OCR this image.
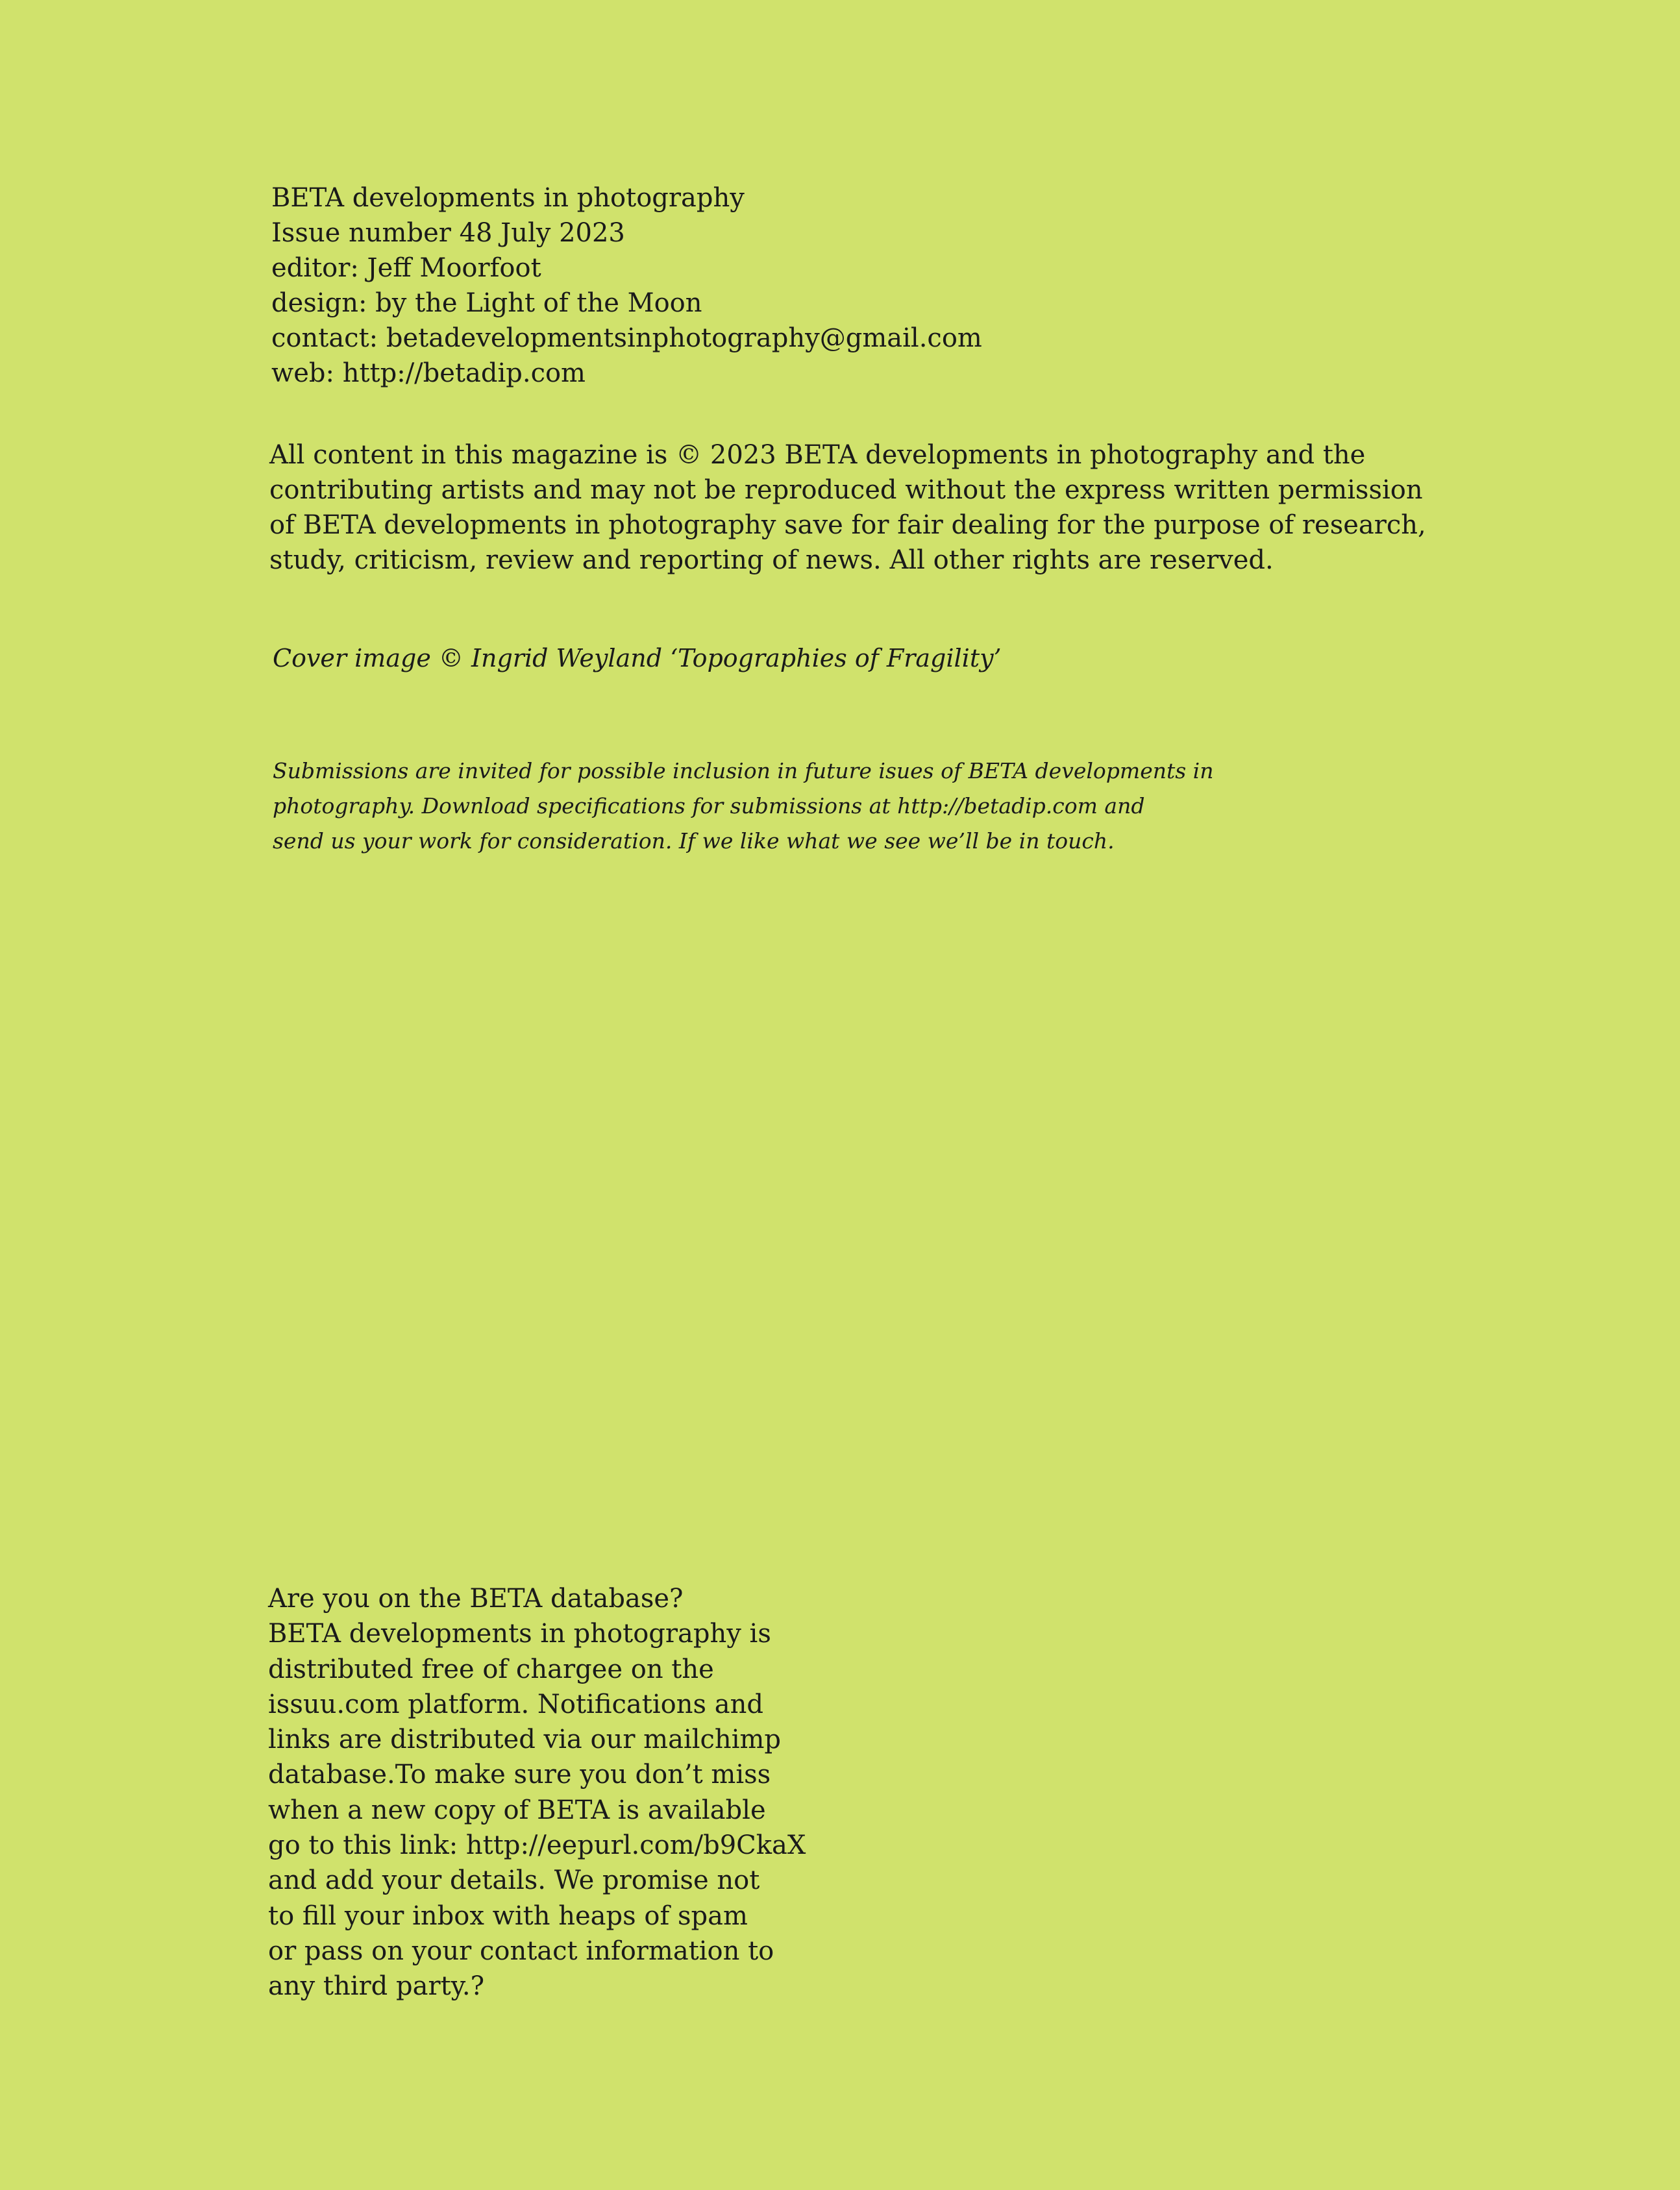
BETA developments in photography
Issue number 48 July 2023
editor: Jeff Moorfoot
design: by the Light of the Moon
contact: betadevelopmentsinphotography@gmail.com
web: http://betadip.com

All content in this magazine is © 2023 BETA developments in photography and the contributing artists and may not be reproduced without the express written permission of BETA developments in photography save for fair dealing for the purpose of research, study, criticism, review and reporting of news. All other rights are reserved.

Cover image © Ingrid Weyland ‘Topographies of Fragility’

Submissions are invited for possible inclusion in future isues of BETA developments in
photography. Download specifications for submissions at http://betadip.com and
send us your work for consideration. If we like what we see we’ll be in touch.
Are you on the BETA database?
BETA developments in photography is
distributed free of chargee on the
issuu.com platform. Notifications and
links are distributed via our mailchimp
database.To make sure you don’t miss
when a new copy of BETA is available
go to this link: http://eepurl.com/b9CkaX
and add your details. We promise not
to fill your inbox with heaps of spam
or pass on your contact information to
any third party.?
